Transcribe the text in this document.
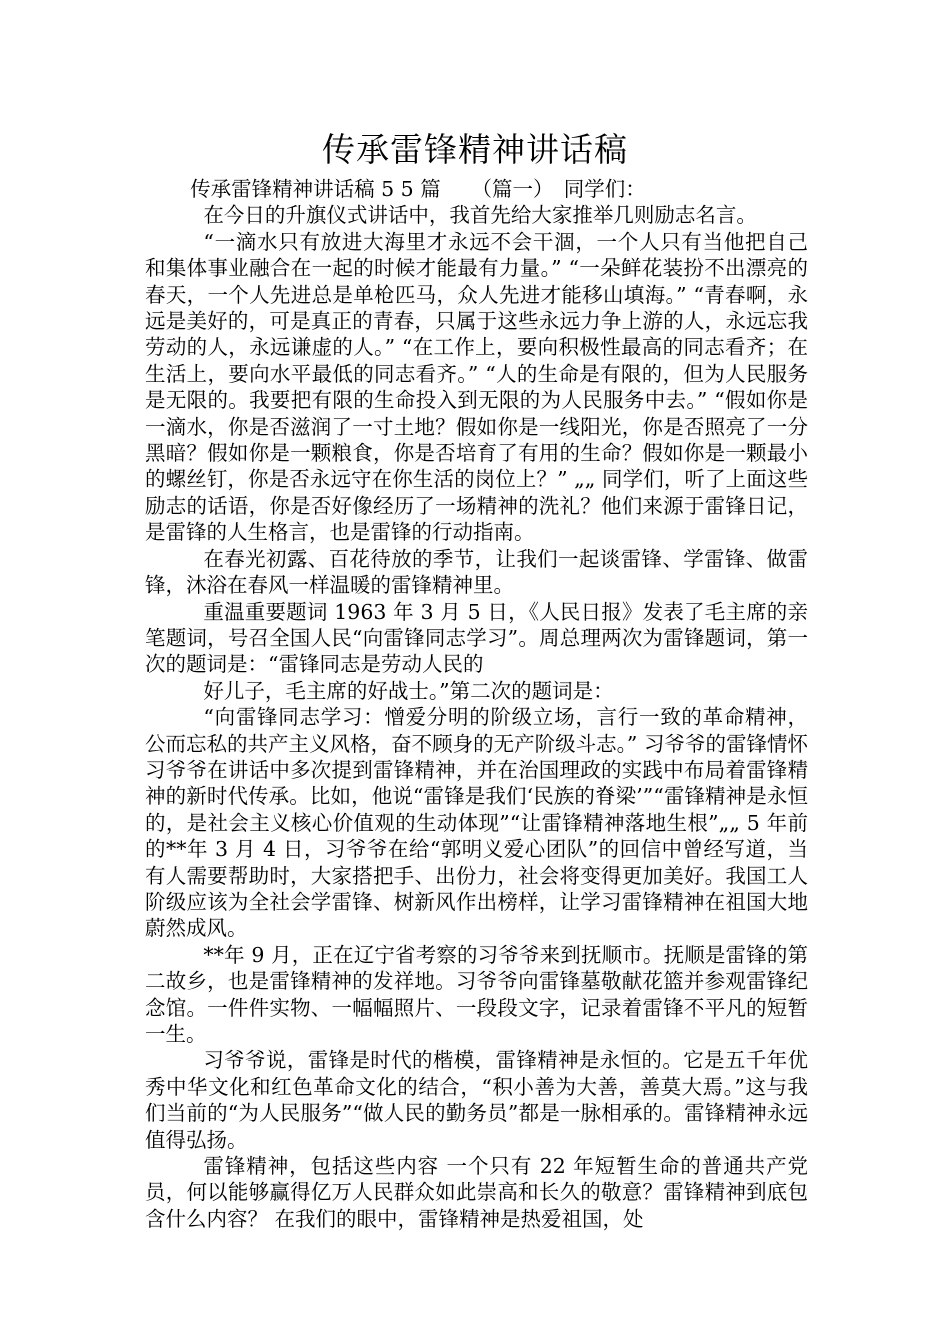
传承雷锋精神讲话稿

传承雷锋精神讲话稿 5 5 篇　　（篇一）　同学们：

在今日的升旗仪式讲话中，我首先给大家推举几则励志名言。

“一滴水只有放进大海里才永远不会干涸，一个人只有当他把自己和集体事业融合在一起的时候才能最有力量。” “一朵鲜花装扮不出漂亮的春天，一个人先进总是单枪匹马，众人先进才能移山填海。” “青春啊，永远是美好的，可是真正的青春，只属于这些永远力争上游的人，永远忘我劳动的人，永远谦虚的人。” “在工作上，要向积极性最高的同志看齐；在生活上，要向水平最低的同志看齐。” “人的生命是有限的，但为人民服务是无限的。我要把有限的生命投入到无限的为人民服务中去。” “假如你是一滴水，你是否滋润了一寸土地？假如你是一线阳光，你是否照亮了一分黑暗？假如你是一颗粮食，你是否培育了有用的生命？假如你是一颗最小的螺丝钉，你是否永远守在你生活的岗位上？” „„ 同学们，听了上面这些励志的话语，你是否好像经历了一场精神的洗礼？他们来源于雷锋日记，是雷锋的人生格言，也是雷锋的行动指南。

在春光初露、百花待放的季节，让我们一起谈雷锋、学雷锋、做雷锋，沐浴在春风一样温暖的雷锋精神里。

重温重要题词 1963 年 3 月 5 日，《人民日报》发表了毛主席的亲笔题词，号召全国人民“向雷锋同志学习”。周总理两次为雷锋题词，第一次的题词是：“雷锋同志是劳动人民的

好儿子，毛主席的好战士。”第二次的题词是：

“向雷锋同志学习：憎爱分明的阶级立场，言行一致的革命精神，公而忘私的共产主义风格，奋不顾身的无产阶级斗志。” 习爷爷的雷锋情怀 习爷爷在讲话中多次提到雷锋精神，并在治国理政的实践中布局着雷锋精神的新时代传承。比如，他说“雷锋是我们‘民族的脊梁’”“雷锋精神是永恒的，是社会主义核心价值观的生动体现”“让雷锋精神落地生根”„„ 5 年前的**年 3 月 4 日，习爷爷在给“郭明义爱心团队”的回信中曾经写道，当有人需要帮助时，大家搭把手、出份力，社会将变得更加美好。我国工人阶级应该为全社会学雷锋、树新风作出榜样，让学习雷锋精神在祖国大地蔚然成风。

**年 9 月，正在辽宁省考察的习爷爷来到抚顺市。抚顺是雷锋的第二故乡，也是雷锋精神的发祥地。习爷爷向雷锋墓敬献花篮并参观雷锋纪念馆。一件件实物、一幅幅照片、一段段文字，记录着雷锋不平凡的短暂一生。

习爷爷说，雷锋是时代的楷模，雷锋精神是永恒的。它是五千年优秀中华文化和红色革命文化的结合，“积小善为大善，善莫大焉。”这与我们当前的“为人民服务”“做人民的勤务员”都是一脉相承的。雷锋精神永远值得弘扬。

雷锋精神，包括这些内容 一个只有 22 年短暂生命的普通共产党员，何以能够赢得亿万人民群众如此崇高和长久的敬意？雷锋精神到底包含什么内容？ 在我们的眼中，雷锋精神是热爱祖国，处
